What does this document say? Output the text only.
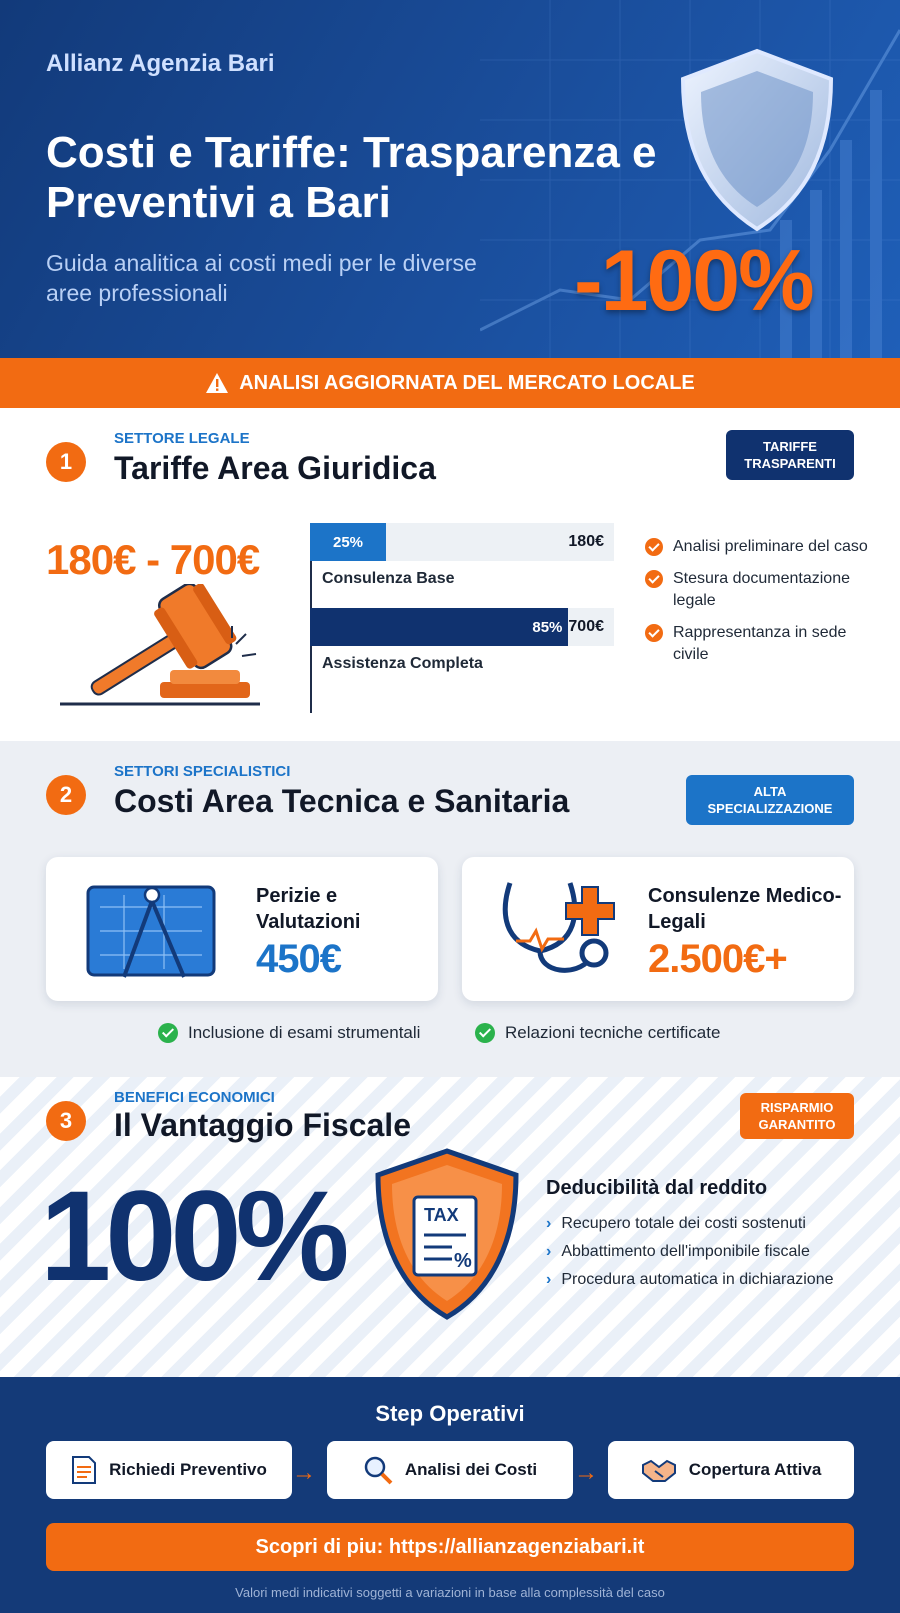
Allianz Agenzia Bari
Costi e Tariffe: Trasparenza e Preventivi a Bari
Guida analitica ai costi medi per le diverse aree professionali	-100%
ANALISI AGGIORNATA DEL MERCATO LOCALE
1
SETTORE LEGALE
Tariffe Area Giuridica
TARIFFE
TRASPARENTI
180€ - 700€	25%	180€
Consulenza Base
85% 700€
Assistenza Completa
Analisi preliminare del caso
Stesura documentazione legale
Rappresentanza in sede civile
2
SETTORI SPECIALISTICI
Costi Area Tecnica e Sanitaria	ALTA
SPECIALIZZAZIONE
Perizie e Valutazioni
450€
Consulenze Medico-Legali
2.500€+
Inclusione di esami strumentali	Relazioni tecniche certificate
3
BENEFICI ECONOMICI
Il Vantaggio Fiscale	RISPARMIO
GARANTITO
100%	TAX
%
Deducibilità dal reddito
› Recupero totale dei costi sostenuti
› Abbattimento dell'imponibile fiscale
› Procedura automatica in dichiarazione
Step Operativi
Richiedi Preventivo →	Analisi dei Costi →	Copertura Attiva
Scopri di piu: https://allianzagenziabari.it
Valori medi indicativi soggetti a variazioni in base alla complessità del caso
